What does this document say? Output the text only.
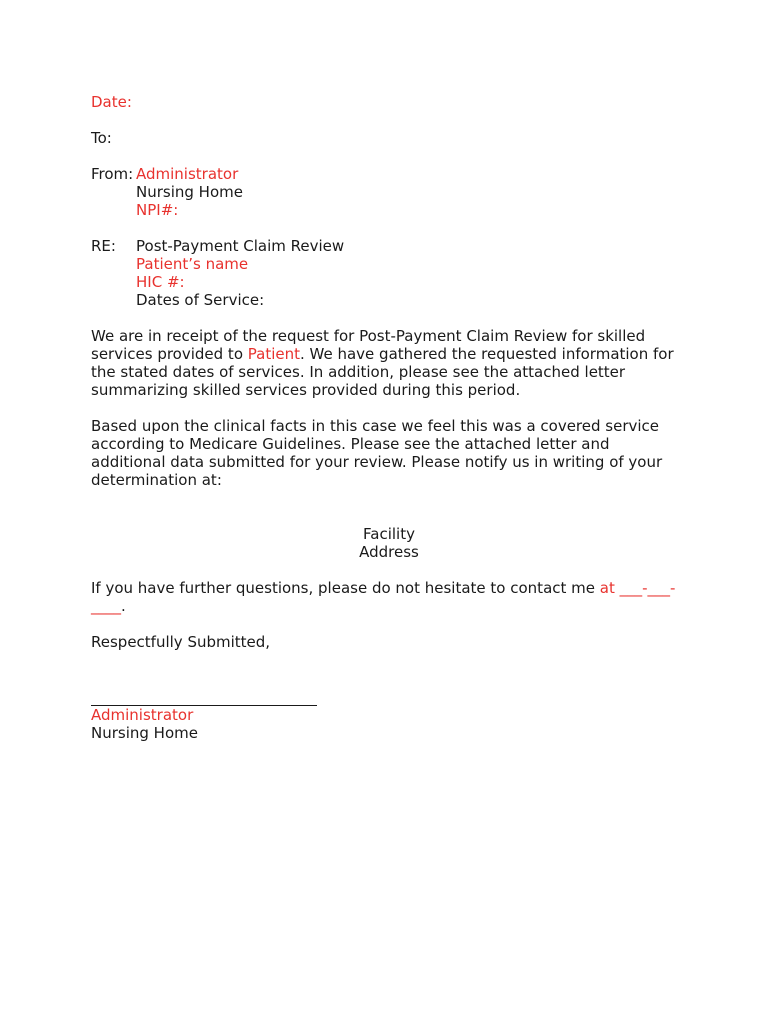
Date:
To:
From: Administrator
Nursing Home
NPI#:
RE:	Post-Payment Claim Review
Patient’s name
HIC #:
Dates of Service:
We are in receipt of the request for Post-Payment Claim Review for skilled
services provided to Patient. We have gathered the requested information for
the stated dates of services. In addition, please see the attached letter
summarizing skilled services provided during this period.
Based upon the clinical facts in this case we feel this was a covered service
according to Medicare Guidelines. Please see the attached letter and
additional data submitted for your review. Please notify us in writing of your
determination at:
Facility
Address
If you have further questions, please do not hesitate to contact me at ___-___-
____.
Respectfully Submitted,
Administrator
Nursing Home
